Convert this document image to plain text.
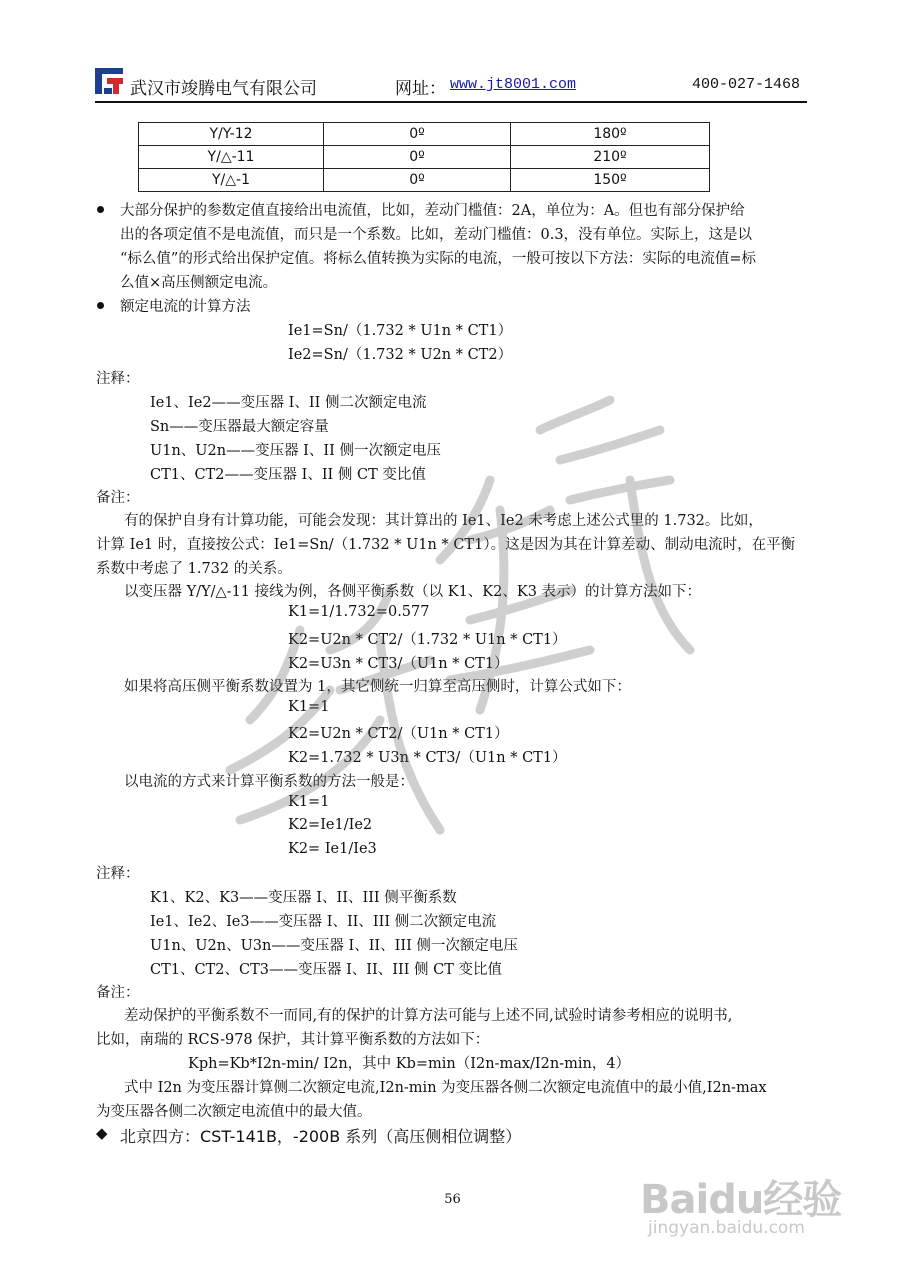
武汉市竣腾电气有限公司	网址： www.jt8001.com	400-027-1468
Y/Y-12	0º	180º
Y/△-11	0º	210º
Y/△-1	0º	150º
大部分保护的参数定值直接给出电流值，比如，差动门槛值：2A，单位为：A。但也有部分保护给
出的各项定值不是电流值，而只是一个系数。比如，差动门槛值：0.3，没有单位。实际上，这是以
“标么值”的形式给出保护定值。将标么值转换为实际的电流，一般可按以下方法：实际的电流值=标
么值×高压侧额定电流。
额定电流的计算方法
Ie1=Sn/（1.732 * U1n * CT1）
Ie2=Sn/（1.732 * U2n * CT2）
注释：
Ie1、Ie2——变压器 I、II 侧二次额定电流
Sn——变压器最大额定容量
U1n、U2n——变压器 I、II 侧一次额定电压
CT1、CT2——变压器 I、II 侧 CT 变比值
备注：
有的保护自身有计算功能，可能会发现：其计算出的 Ie1、Ie2 未考虑上述公式里的 1.732。比如，
计算 Ie1 时，直接按公式：Ie1=Sn/（1.732 * U1n * CT1）。这是因为其在计算差动、制动电流时，在平衡
系数中考虑了 1.732 的关系。
以变压器 Y/Y/△-11 接线为例，各侧平衡系数（以 K1、K2、K3 表示）的计算方法如下：
K1=1/1.732=0.577
K2=U2n * CT2/（1.732 * U1n * CT1）
K2=U3n * CT3/（U1n * CT1）
如果将高压侧平衡系数设置为 1，其它侧统一归算至高压侧时，计算公式如下：
K1=1
K2=U2n * CT2/（U1n * CT1）
K2=1.732 * U3n * CT3/（U1n * CT1）
以电流的方式来计算平衡系数的方法一般是：
K1=1
K2=Ie1/Ie2
K2= Ie1/Ie3
注释：
K1、K2、K3——变压器 I、II、III 侧平衡系数
Ie1、Ie2、Ie3——变压器 I、II、III 侧二次额定电流
U1n、U2n、U3n——变压器 I、II、III 侧一次额定电压
CT1、CT2、CT3——变压器 I、II、III 侧 CT 变比值
备注：
差动保护的平衡系数不一而同,有的保护的计算方法可能与上述不同,试验时请参考相应的说明书,
比如，南瑞的 RCS-978 保护，其计算平衡系数的方法如下：
Kph=Kb*I2n-min/ I2n，其中 Kb=min（I2n-max/I2n-min，4）
式中 I2n 为变压器计算侧二次额定电流,I2n-min 为变压器各侧二次额定电流值中的最小值,I2n-max
为变压器各侧二次额定电流值中的最大值。
◆ 北京四方：CST-141B，-200B 系列（高压侧相位调整）
56	Baidu经验
jingyan.baidu.com
